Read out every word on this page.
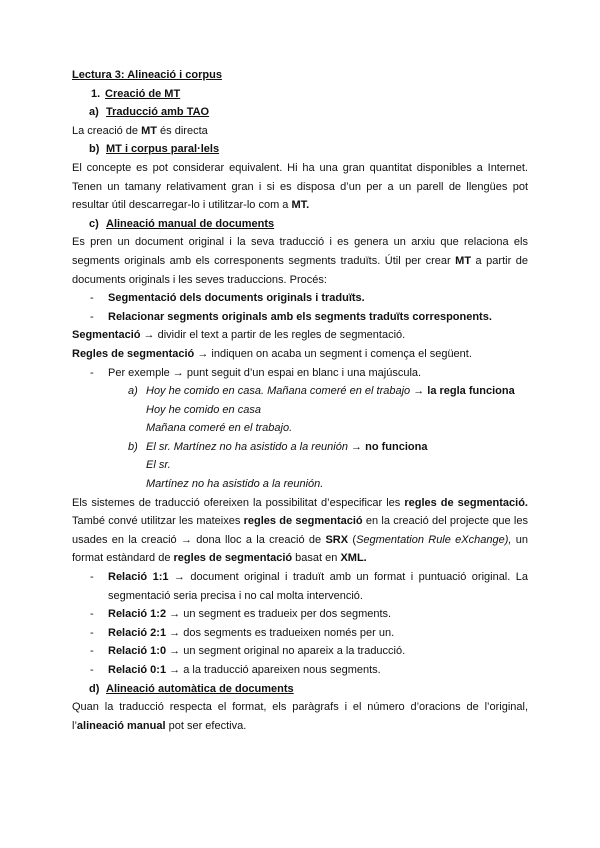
Lectura 3: Alineació i corpus
1. Creació de MT
a) Traducció amb TAO
La creació de MT és directa
b) MT i corpus paral·lels
El concepte es pot considerar equivalent. Hi ha una gran quantitat disponibles a Internet. Tenen un tamany relativament gran i si es disposa d’un per a un parell de llengües pot resultar útil descarregar-lo i utilitzar-lo com a MT.
c) Alineació manual de documents
Es pren un document original i la seva traducció i es genera un arxiu que relaciona els segments originals amb els corresponents segments traduïts. Útil per crear MT a partir de documents originals i les seves traduccions. Procés:
- Segmentació dels documents originals i traduïts.
- Relacionar segments originals amb els segments traduïts corresponents.
Segmentació → dividir el text a partir de les regles de segmentació.
Regles de segmentació → indiquen on acaba un segment i comença el següent.
- Per exemple → punt seguit d’un espai en blanc i una majúscula.
a) Hoy he comido en casa. Mañana comeré en el trabajo → la regla funciona
Hoy he comido en casa
Mañana comeré en el trabajo.
b) El sr. Martínez no ha asistido a la reunión → no funciona
El sr.
Martínez no ha asistido a la reunión.
Els sistemes de traducció ofereixen la possibilitat d’especificar les regles de segmentació. També convé utilitzar les mateixes regles de segmentació en la creació del projecte que les usades en la creació → dona lloc a la creació de SRX (Segmentation Rule eXchange), un format estàndard de regles de segmentació basat en XML.
- Relació 1:1 → document original i traduït amb un format i puntuació original. La segmentació seria precisa i no cal molta intervenció.
- Relació 1:2 → un segment es tradueix per dos segments.
- Relació 2:1 → dos segments es tradueixen només per un.
- Relació 1:0 → un segment original no apareix a la traducció.
- Relació 0:1 → a la traducció apareixen nous segments.
d) Alineació automàtica de documents
Quan la traducció respecta el format, els paràgrafs i el número d’oracions de l’original, l’alineació manual pot ser efectiva.
